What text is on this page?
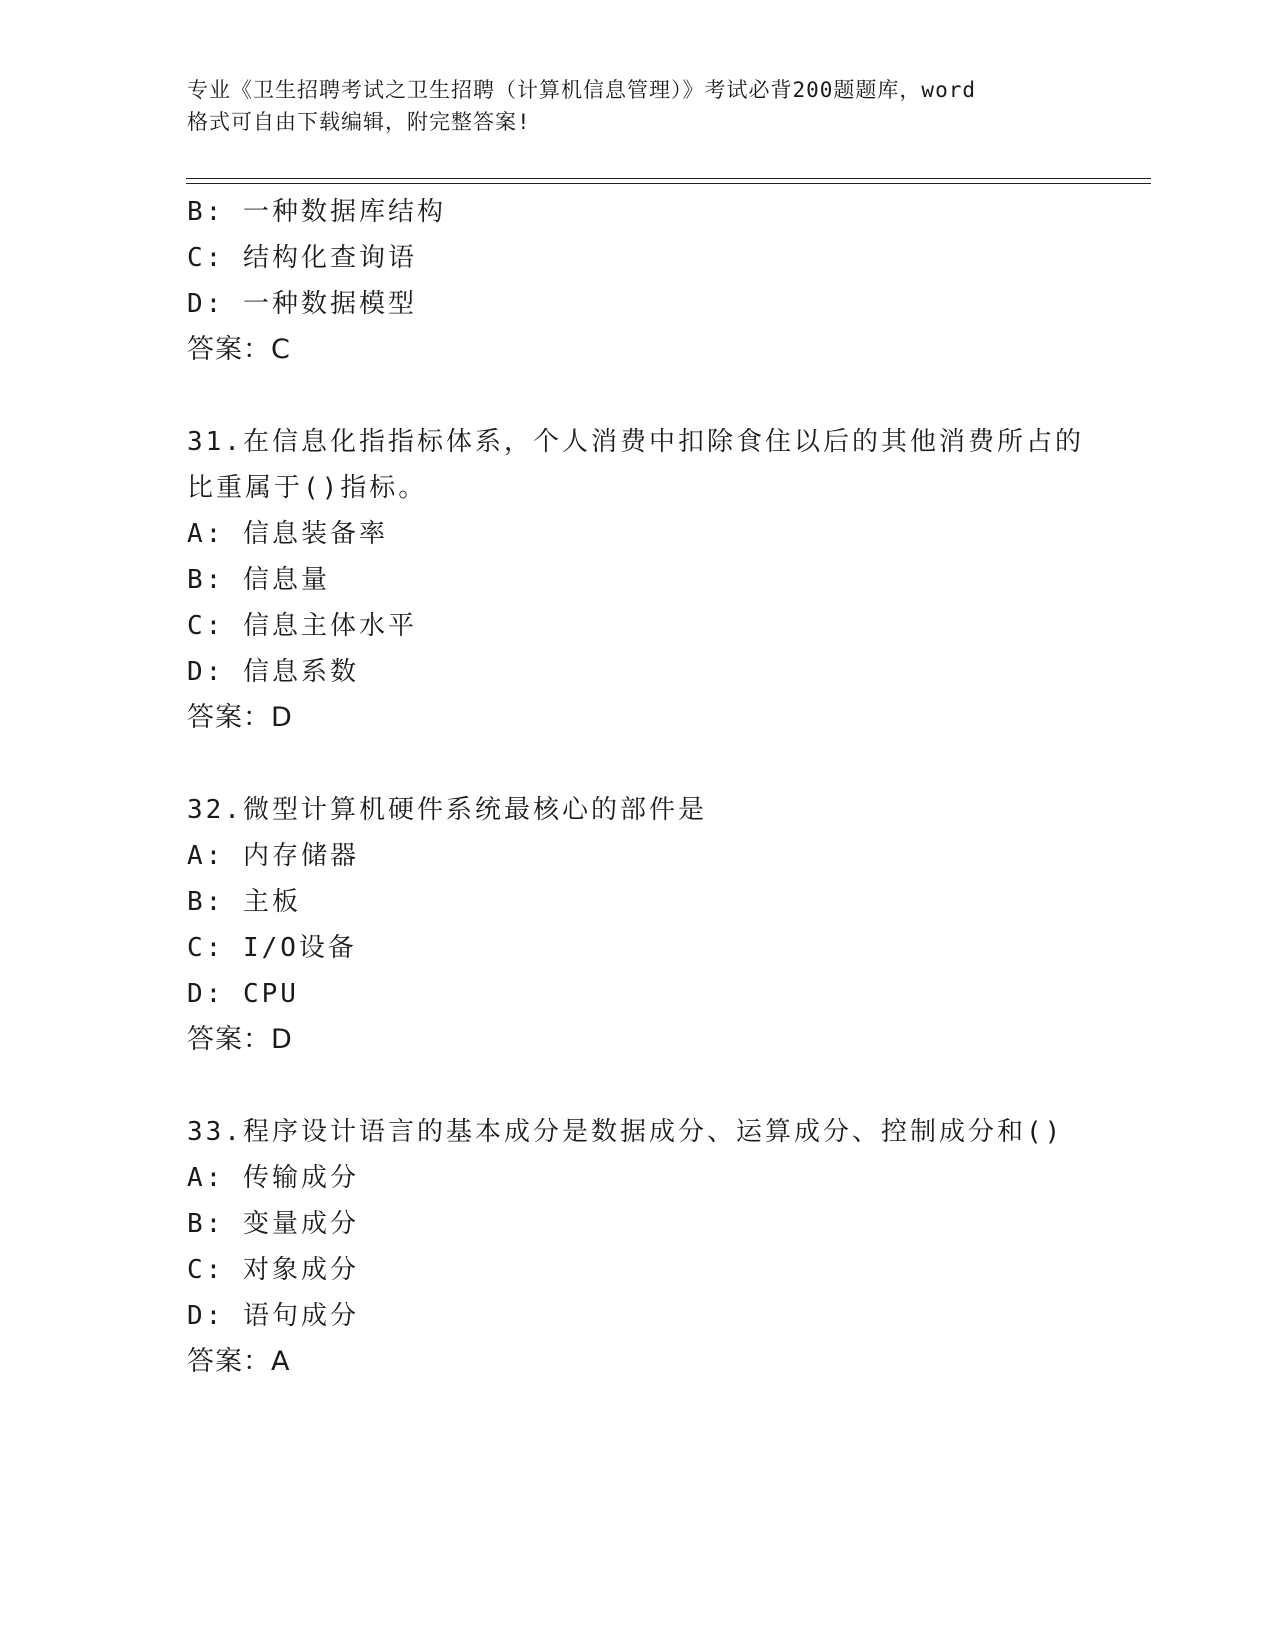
专业《卫生招聘考试之卫生招聘（计算机信息管理）》考试必背200题题库，word

格式可自由下载编辑，附完整答案!

B: 一种数据库结构

C: 结构化查询语

D: 一种数据模型

答案：C

31.在信息化指指标体系，个人消费中扣除食住以后的其他消费所占的

比重属于()指标。

A: 信息装备率

B: 信息量

C: 信息主体水平

D: 信息系数

答案：D

32.微型计算机硬件系统最核心的部件是

A: 内存储器

B: 主板

C: I/O设备

D: CPU

答案：D

33.程序设计语言的基本成分是数据成分、运算成分、控制成分和()

A: 传输成分

B: 变量成分

C: 对象成分

D: 语句成分

答案：A
